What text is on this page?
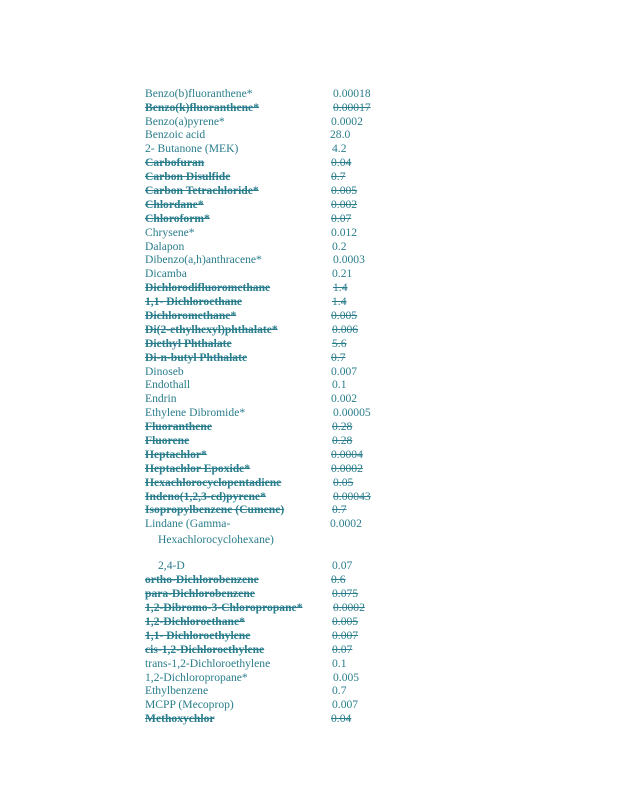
Benzo(b)fluoranthene*	0.00018
Benzo(k)fluoranthene*	0.00017
Benzo(a)pyrene*	0.0002
Benzoic acid	28.0
2- Butanone (MEK)	4.2
Carbofuran	0.04
Carbon Disulfide	0.7
Carbon Tetrachloride*	0.005
Chlordane*	0.002
Chloroform*	0.07
Chrysene*	0.012
Dalapon	0.2
Dibenzo(a,h)anthracene*	0.0003
Dicamba	0.21
Dichlorodifluoromethane	1.4
1,1- Dichloroethane	1.4
Dichloromethane*	0.005
Di(2-ethylhexyl)phthalate*	0.006
Diethyl Phthalate	5.6
Di-n-butyl Phthalate	0.7
Dinoseb	0.007
Endothall	0.1
Endrin	0.002
Ethylene Dibromide*	0.00005
Fluoranthene	0.28
Fluorene	0.28
Heptachlor*	0.0004
Heptachlor Epoxide*	0.0002
Hexachlorocyclopentadiene	0.05
Indeno(1,2,3-cd)pyrene*	0.00043
Isopropylbenzene (Cumene)	0.7
Lindane (Gamma-	0.0002
Hexachlorocyclohexane)
2,4-D	0.07
ortho-Dichlorobenzene	0.6
para-Dichlorobenzene	0.075
1,2-Dibromo-3-Chloropropane*	0.0002
1,2-Dichloroethane*	0.005
1,1- Dichloroethylene	0.007
cis-1,2-Dichloroethylene	0.07
trans-1,2-Dichloroethylene	0.1
1,2-Dichloropropane*	0.005
Ethylbenzene	0.7
MCPP (Mecoprop)	0.007
Methoxychlor	0.04
